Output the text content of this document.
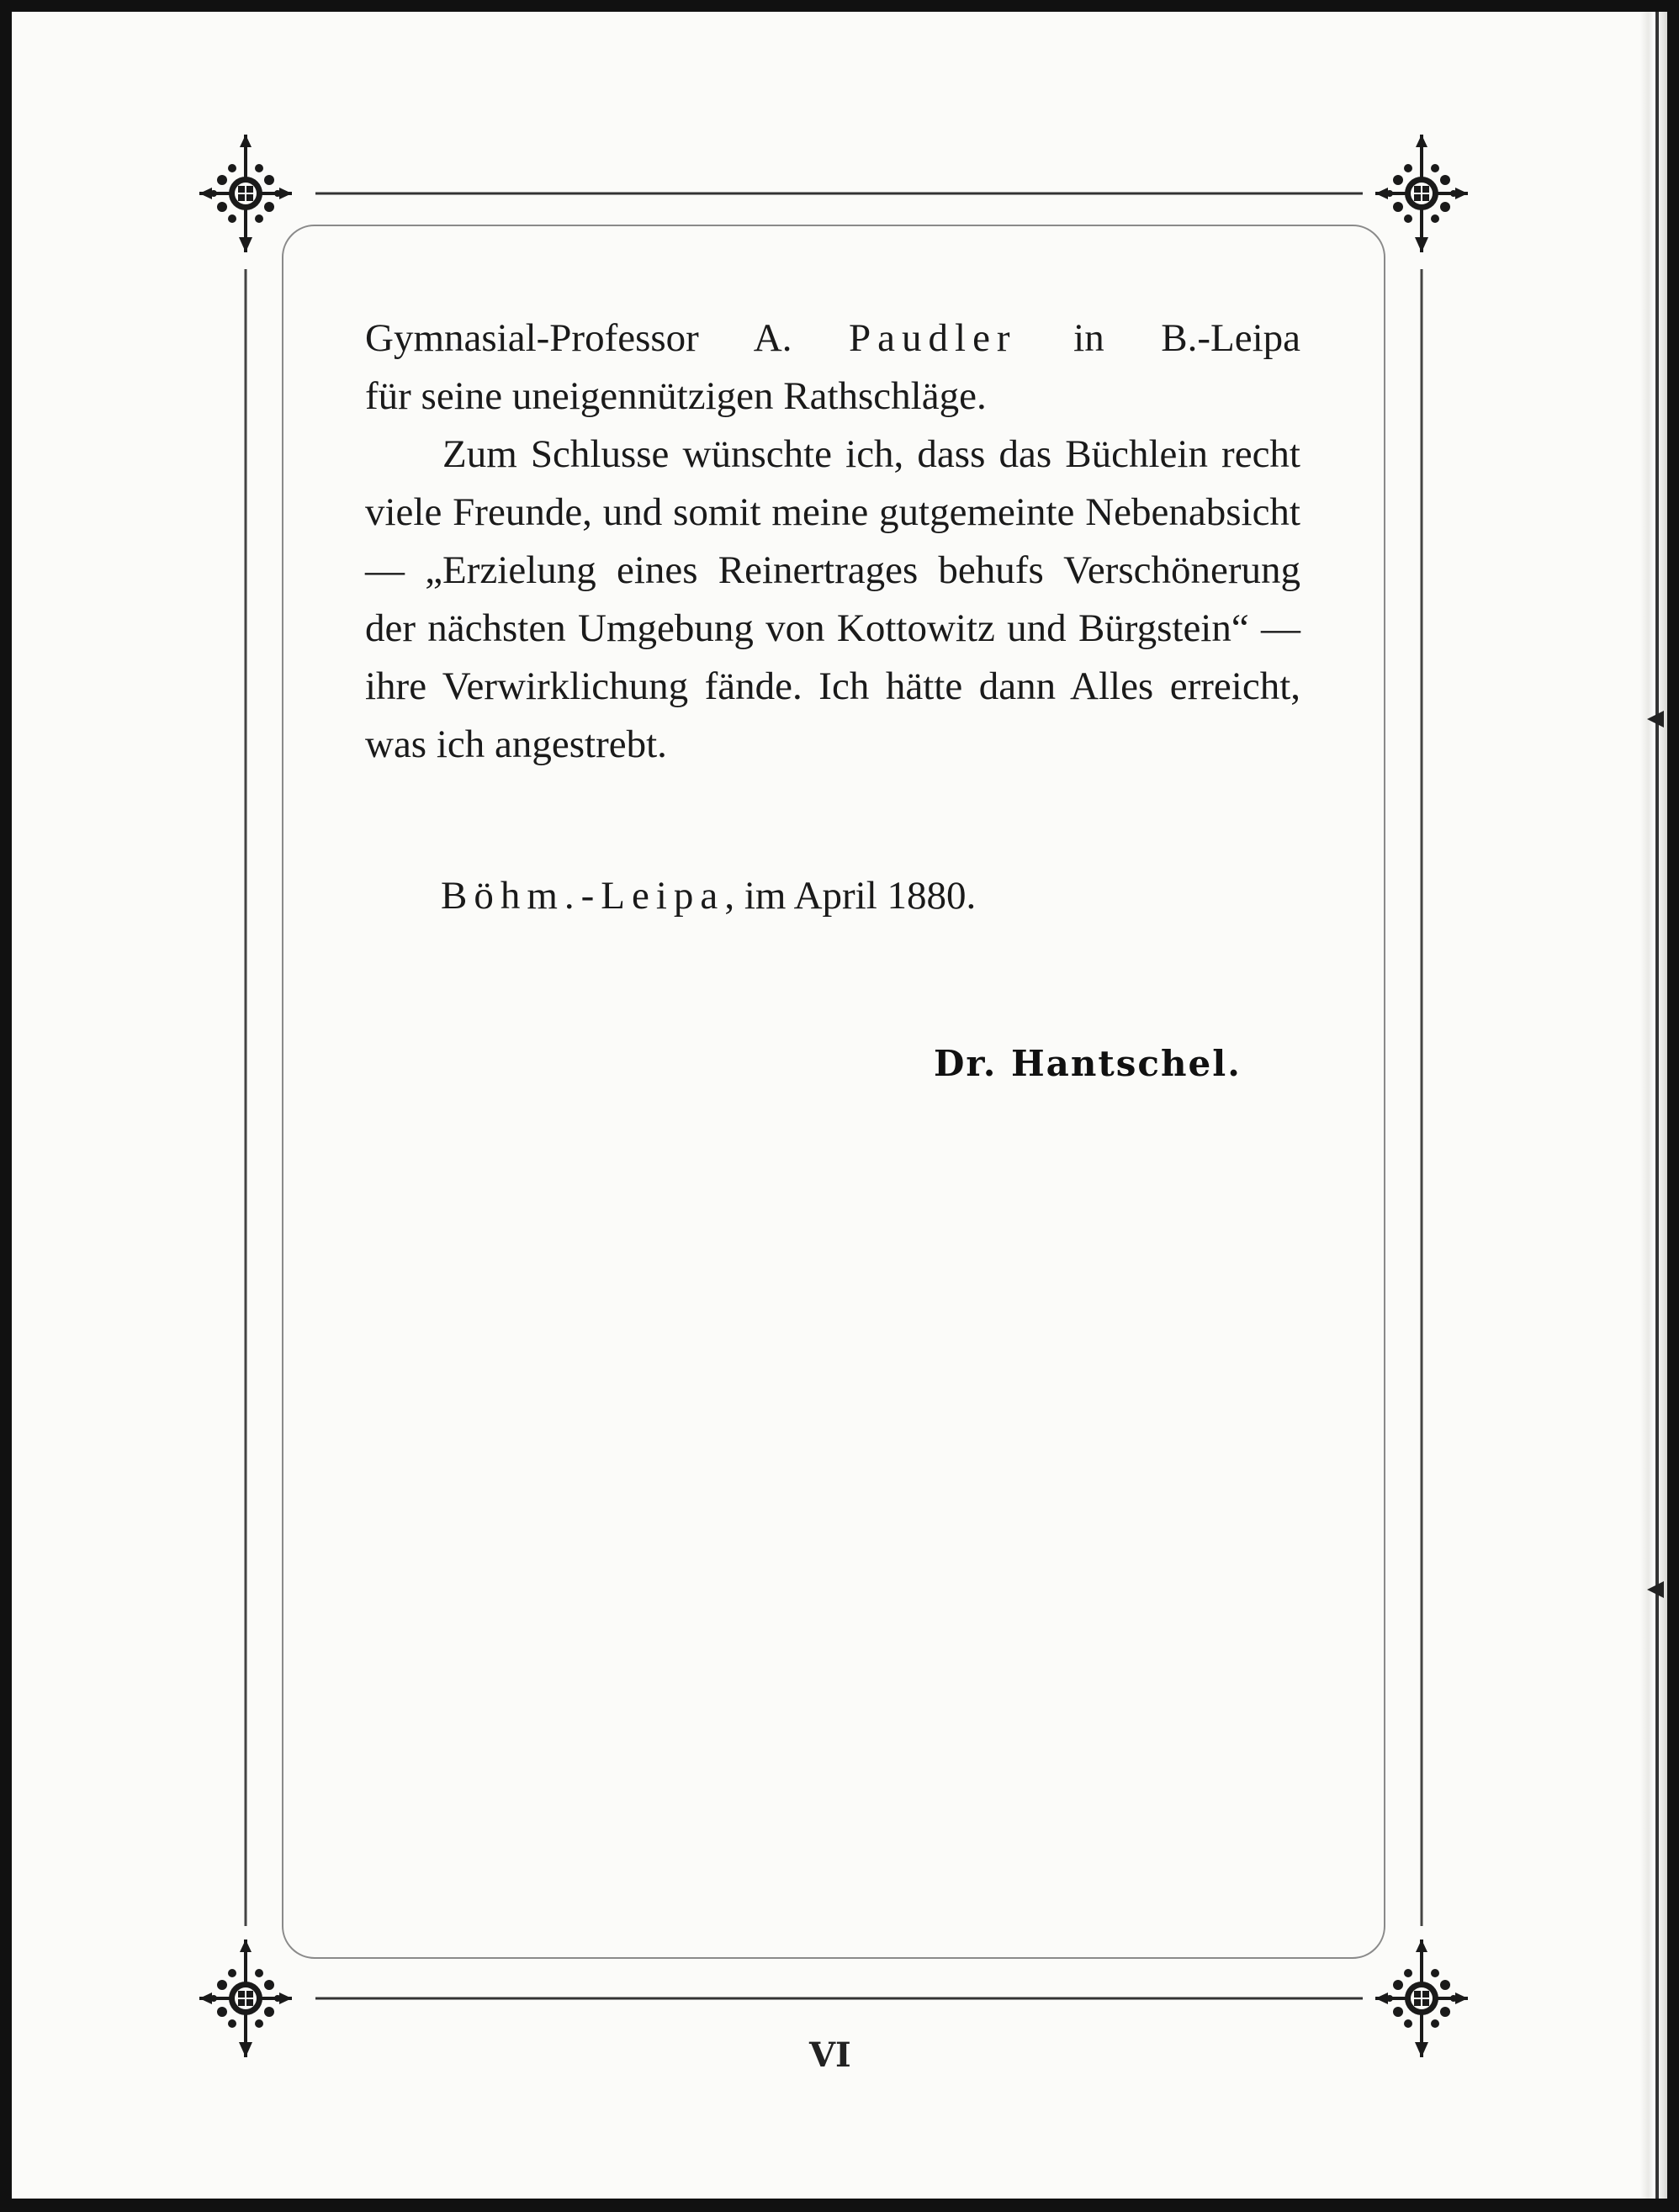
Gymnasial-Professor A. Paudler in B.-Leipa

für seine uneigennützigen Rathschläge.

Zum Schlusse wünschte ich, dass das Büchlein recht viele Freunde, und somit meine gutgemeinte Nebenabsicht — „Erzielung eines Reinertrages behufs Verschönerung der nächsten Umgebung von Kottowitz und Bürgstein“ — ihre Verwirklichung fände. Ich hätte dann Alles erreicht, was ich angestrebt.

Böhm.-Leipa, im April 1880.
Dr. Hantschel.
VI
